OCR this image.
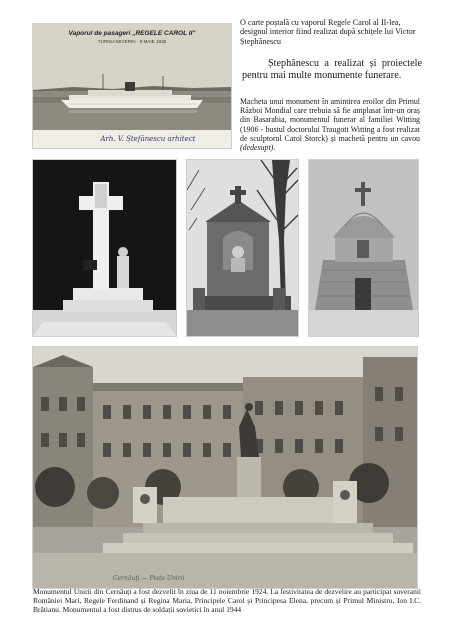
Vaporul de pasageri „REGELE CAROL II"
TURNU-SEVERIN · 9 MAIE 1935
Arh. V. Ștefănescu arhitect
O carte poștală cu vaporul Regele Carol al II-lea, designul interior fiind realizat după schițele lui Victor Ștephănescu
Ștephănescu a realizat și proiectele pentru mai multe monumente funerare.
Macheta unui monument în amintirea eroilor din Primul Război Mondial care trebuia să fie amplasat într-un oraș din Basarabia, monumentul funerar al familiei Witting (1906 - bustul doctorului Traugott Witting a fost realizat de sculptorul Carol Storck) și machetă pentru un cavou (dedesupt).
Cernăuți — Piața Unirii
Monumentul Unirii din Cernăuți a fost dezvelit în ziua de 11 noiembrie 1924. La festivitatea de dezvelire au participat suveranii României Mari, Regele Ferdinand și Regina Maria, Principele Carol și Principesa Elena, precum și Primul Ministru, Ion I.C. Brătianu. Monumentul a fost distrus de soldații sovietici în anul 1944
